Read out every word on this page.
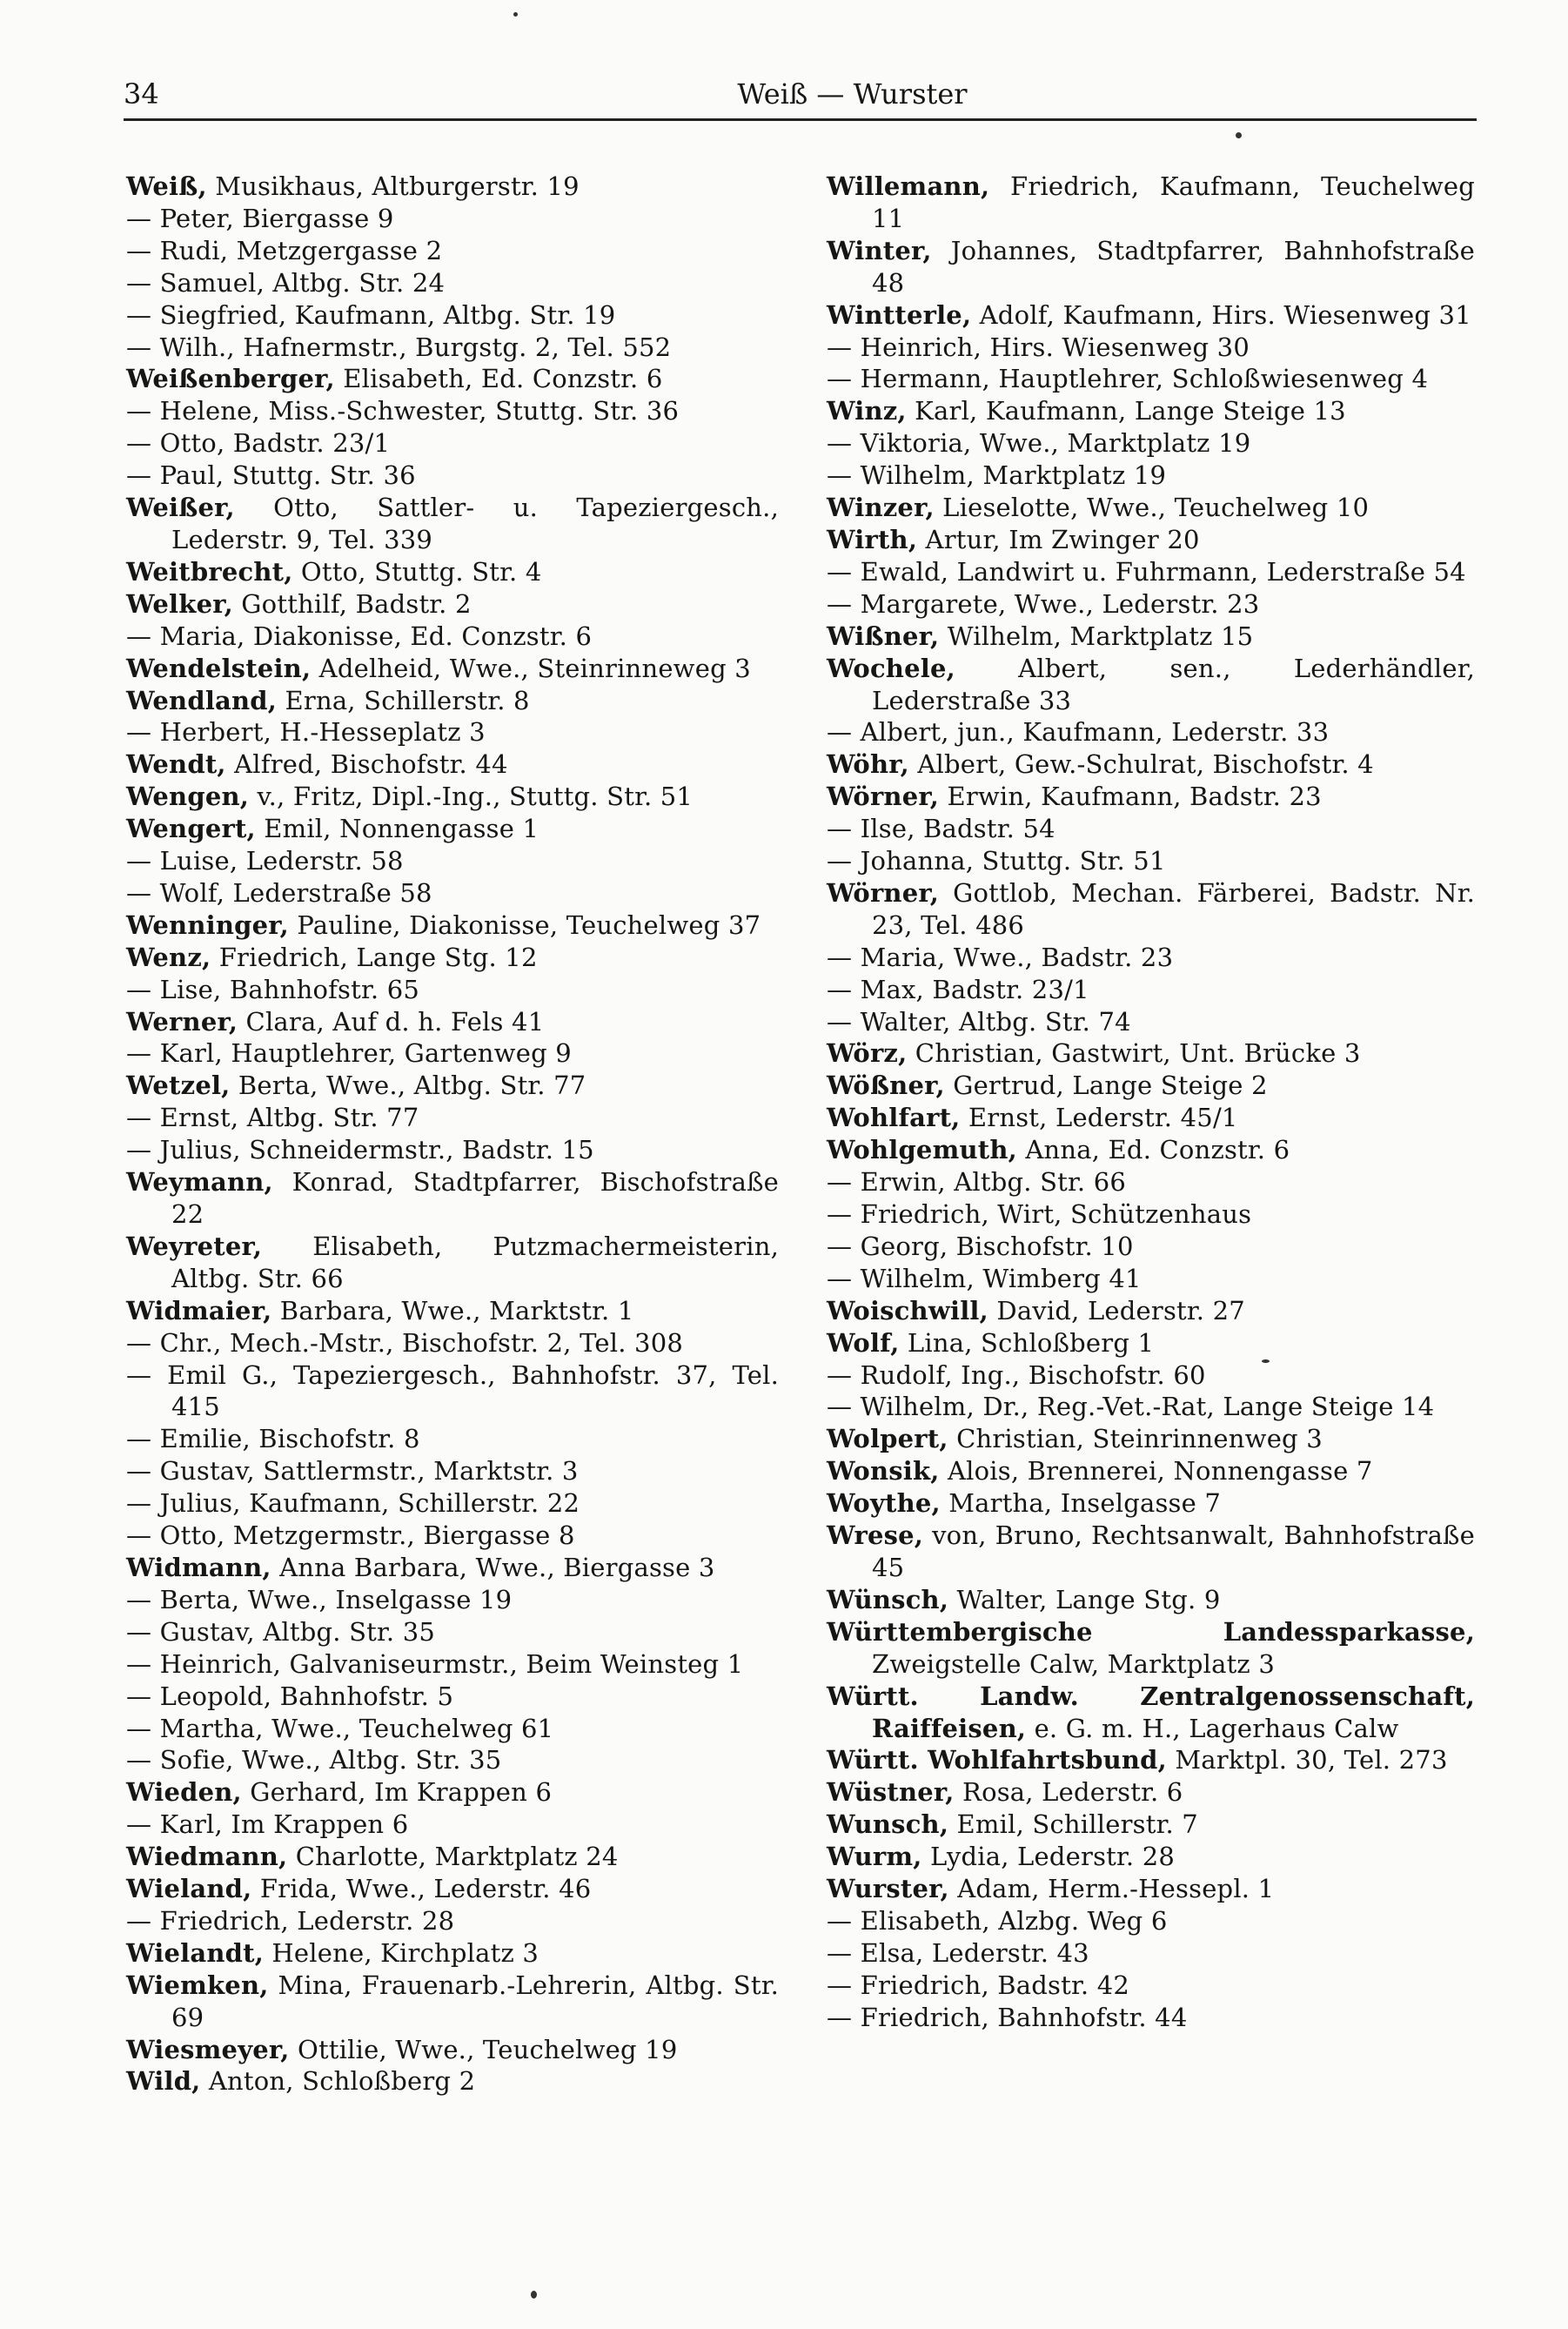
34	Weiß — Wurster

Weiß, Musikhaus, Altburgerstr. 19

— Peter, Biergasse 9

— Rudi, Metzgergasse 2

— Samuel, Altbg. Str. 24

— Siegfried, Kaufmann, Altbg. Str. 19

— Wilh., Hafnermstr., Burgstg. 2, Tel. 552

Weißenberger, Elisabeth, Ed. Conzstr. 6

— Helene, Miss.-Schwester, Stuttg. Str. 36

— Otto, Badstr. 23/1

— Paul, Stuttg. Str. 36

Weißer, Otto, Sattler- u. Tapeziergesch., Lederstr. 9, Tel. 339

Weitbrecht, Otto, Stuttg. Str. 4

Welker, Gotthilf, Badstr. 2

— Maria, Diakonisse, Ed. Conzstr. 6

Wendelstein, Adelheid, Wwe., Steinrinneweg 3

Wendland, Erna, Schillerstr. 8

— Herbert, H.-Hesseplatz 3

Wendt, Alfred, Bischofstr. 44

Wengen, v., Fritz, Dipl.-Ing., Stuttg. Str. 51

Wengert, Emil, Nonnengasse 1

— Luise, Lederstr. 58

— Wolf, Lederstraße 58

Wenninger, Pauline, Diakonisse, Teuchelweg 37

Wenz, Friedrich, Lange Stg. 12

— Lise, Bahnhofstr. 65

Werner, Clara, Auf d. h. Fels 41

— Karl, Hauptlehrer, Gartenweg 9

Wetzel, Berta, Wwe., Altbg. Str. 77

— Ernst, Altbg. Str. 77

— Julius, Schneidermstr., Badstr. 15

Weymann, Konrad, Stadtpfarrer, Bischofstraße 22

Weyreter, Elisabeth, Putzmachermeisterin, Altbg. Str. 66

Widmaier, Barbara, Wwe., Marktstr. 1

— Chr., Mech.-Mstr., Bischofstr. 2, Tel. 308

— Emil G., Tapeziergesch., Bahnhofstr. 37, Tel. 415

— Emilie, Bischofstr. 8

— Gustav, Sattlermstr., Marktstr. 3

— Julius, Kaufmann, Schillerstr. 22

— Otto, Metzgermstr., Biergasse 8

Widmann, Anna Barbara, Wwe., Biergasse 3

— Berta, Wwe., Inselgasse 19

— Gustav, Altbg. Str. 35

— Heinrich, Galvaniseurmstr., Beim Weinsteg 1

— Leopold, Bahnhofstr. 5

— Martha, Wwe., Teuchelweg 61

— Sofie, Wwe., Altbg. Str. 35

Wieden, Gerhard, Im Krappen 6

— Karl, Im Krappen 6

Wiedmann, Charlotte, Marktplatz 24

Wieland, Frida, Wwe., Lederstr. 46

— Friedrich, Lederstr. 28

Wielandt, Helene, Kirchplatz 3

Wiemken, Mina, Frauenarb.-Lehrerin, Altbg. Str. 69

Wiesmeyer, Ottilie, Wwe., Teuchelweg 19

Wild, Anton, Schloßberg 2

Willemann, Friedrich, Kaufmann, Teuchelweg 11

Winter, Johannes, Stadtpfarrer, Bahnhofstraße 48

Wintterle, Adolf, Kaufmann, Hirs. Wiesenweg 31

— Heinrich, Hirs. Wiesenweg 30

— Hermann, Hauptlehrer, Schloßwiesenweg 4

Winz, Karl, Kaufmann, Lange Steige 13

— Viktoria, Wwe., Marktplatz 19

— Wilhelm, Marktplatz 19

Winzer, Lieselotte, Wwe., Teuchelweg 10

Wirth, Artur, Im Zwinger 20

— Ewald, Landwirt u. Fuhrmann, Lederstraße 54

— Margarete, Wwe., Lederstr. 23

Wißner, Wilhelm, Marktplatz 15

Wochele, Albert, sen., Lederhändler, Lederstraße 33

— Albert, jun., Kaufmann, Lederstr. 33

Wöhr, Albert, Gew.-Schulrat, Bischofstr. 4

Wörner, Erwin, Kaufmann, Badstr. 23

— Ilse, Badstr. 54

— Johanna, Stuttg. Str. 51

Wörner, Gottlob, Mechan. Färberei, Badstr. Nr. 23, Tel. 486

— Maria, Wwe., Badstr. 23

— Max, Badstr. 23/1

— Walter, Altbg. Str. 74

Wörz, Christian, Gastwirt, Unt. Brücke 3

Wößner, Gertrud, Lange Steige 2

Wohlfart, Ernst, Lederstr. 45/1

Wohlgemuth, Anna, Ed. Conzstr. 6

— Erwin, Altbg. Str. 66

— Friedrich, Wirt, Schützenhaus

— Georg, Bischofstr. 10

— Wilhelm, Wimberg 41

Woischwill, David, Lederstr. 27

Wolf, Lina, Schloßberg 1

— Rudolf, Ing., Bischofstr. 60

— Wilhelm, Dr., Reg.-Vet.-Rat, Lange Steige 14

Wolpert, Christian, Steinrinnenweg 3

Wonsik, Alois, Brennerei, Nonnengasse 7

Woythe, Martha, Inselgasse 7

Wrese, von, Bruno, Rechtsanwalt, Bahnhofstraße 45

Wünsch, Walter, Lange Stg. 9

Württembergische Landessparkasse, Zweigstelle Calw, Marktplatz 3

Württ. Landw. Zentralgenossenschaft, Raiffeisen, e. G. m. H., Lagerhaus Calw

Württ. Wohlfahrtsbund, Marktpl. 30, Tel. 273

Wüstner, Rosa, Lederstr. 6

Wunsch, Emil, Schillerstr. 7

Wurm, Lydia, Lederstr. 28

Wurster, Adam, Herm.-Hessepl. 1

— Elisabeth, Alzbg. Weg 6

— Elsa, Lederstr. 43

— Friedrich, Badstr. 42

— Friedrich, Bahnhofstr. 44
